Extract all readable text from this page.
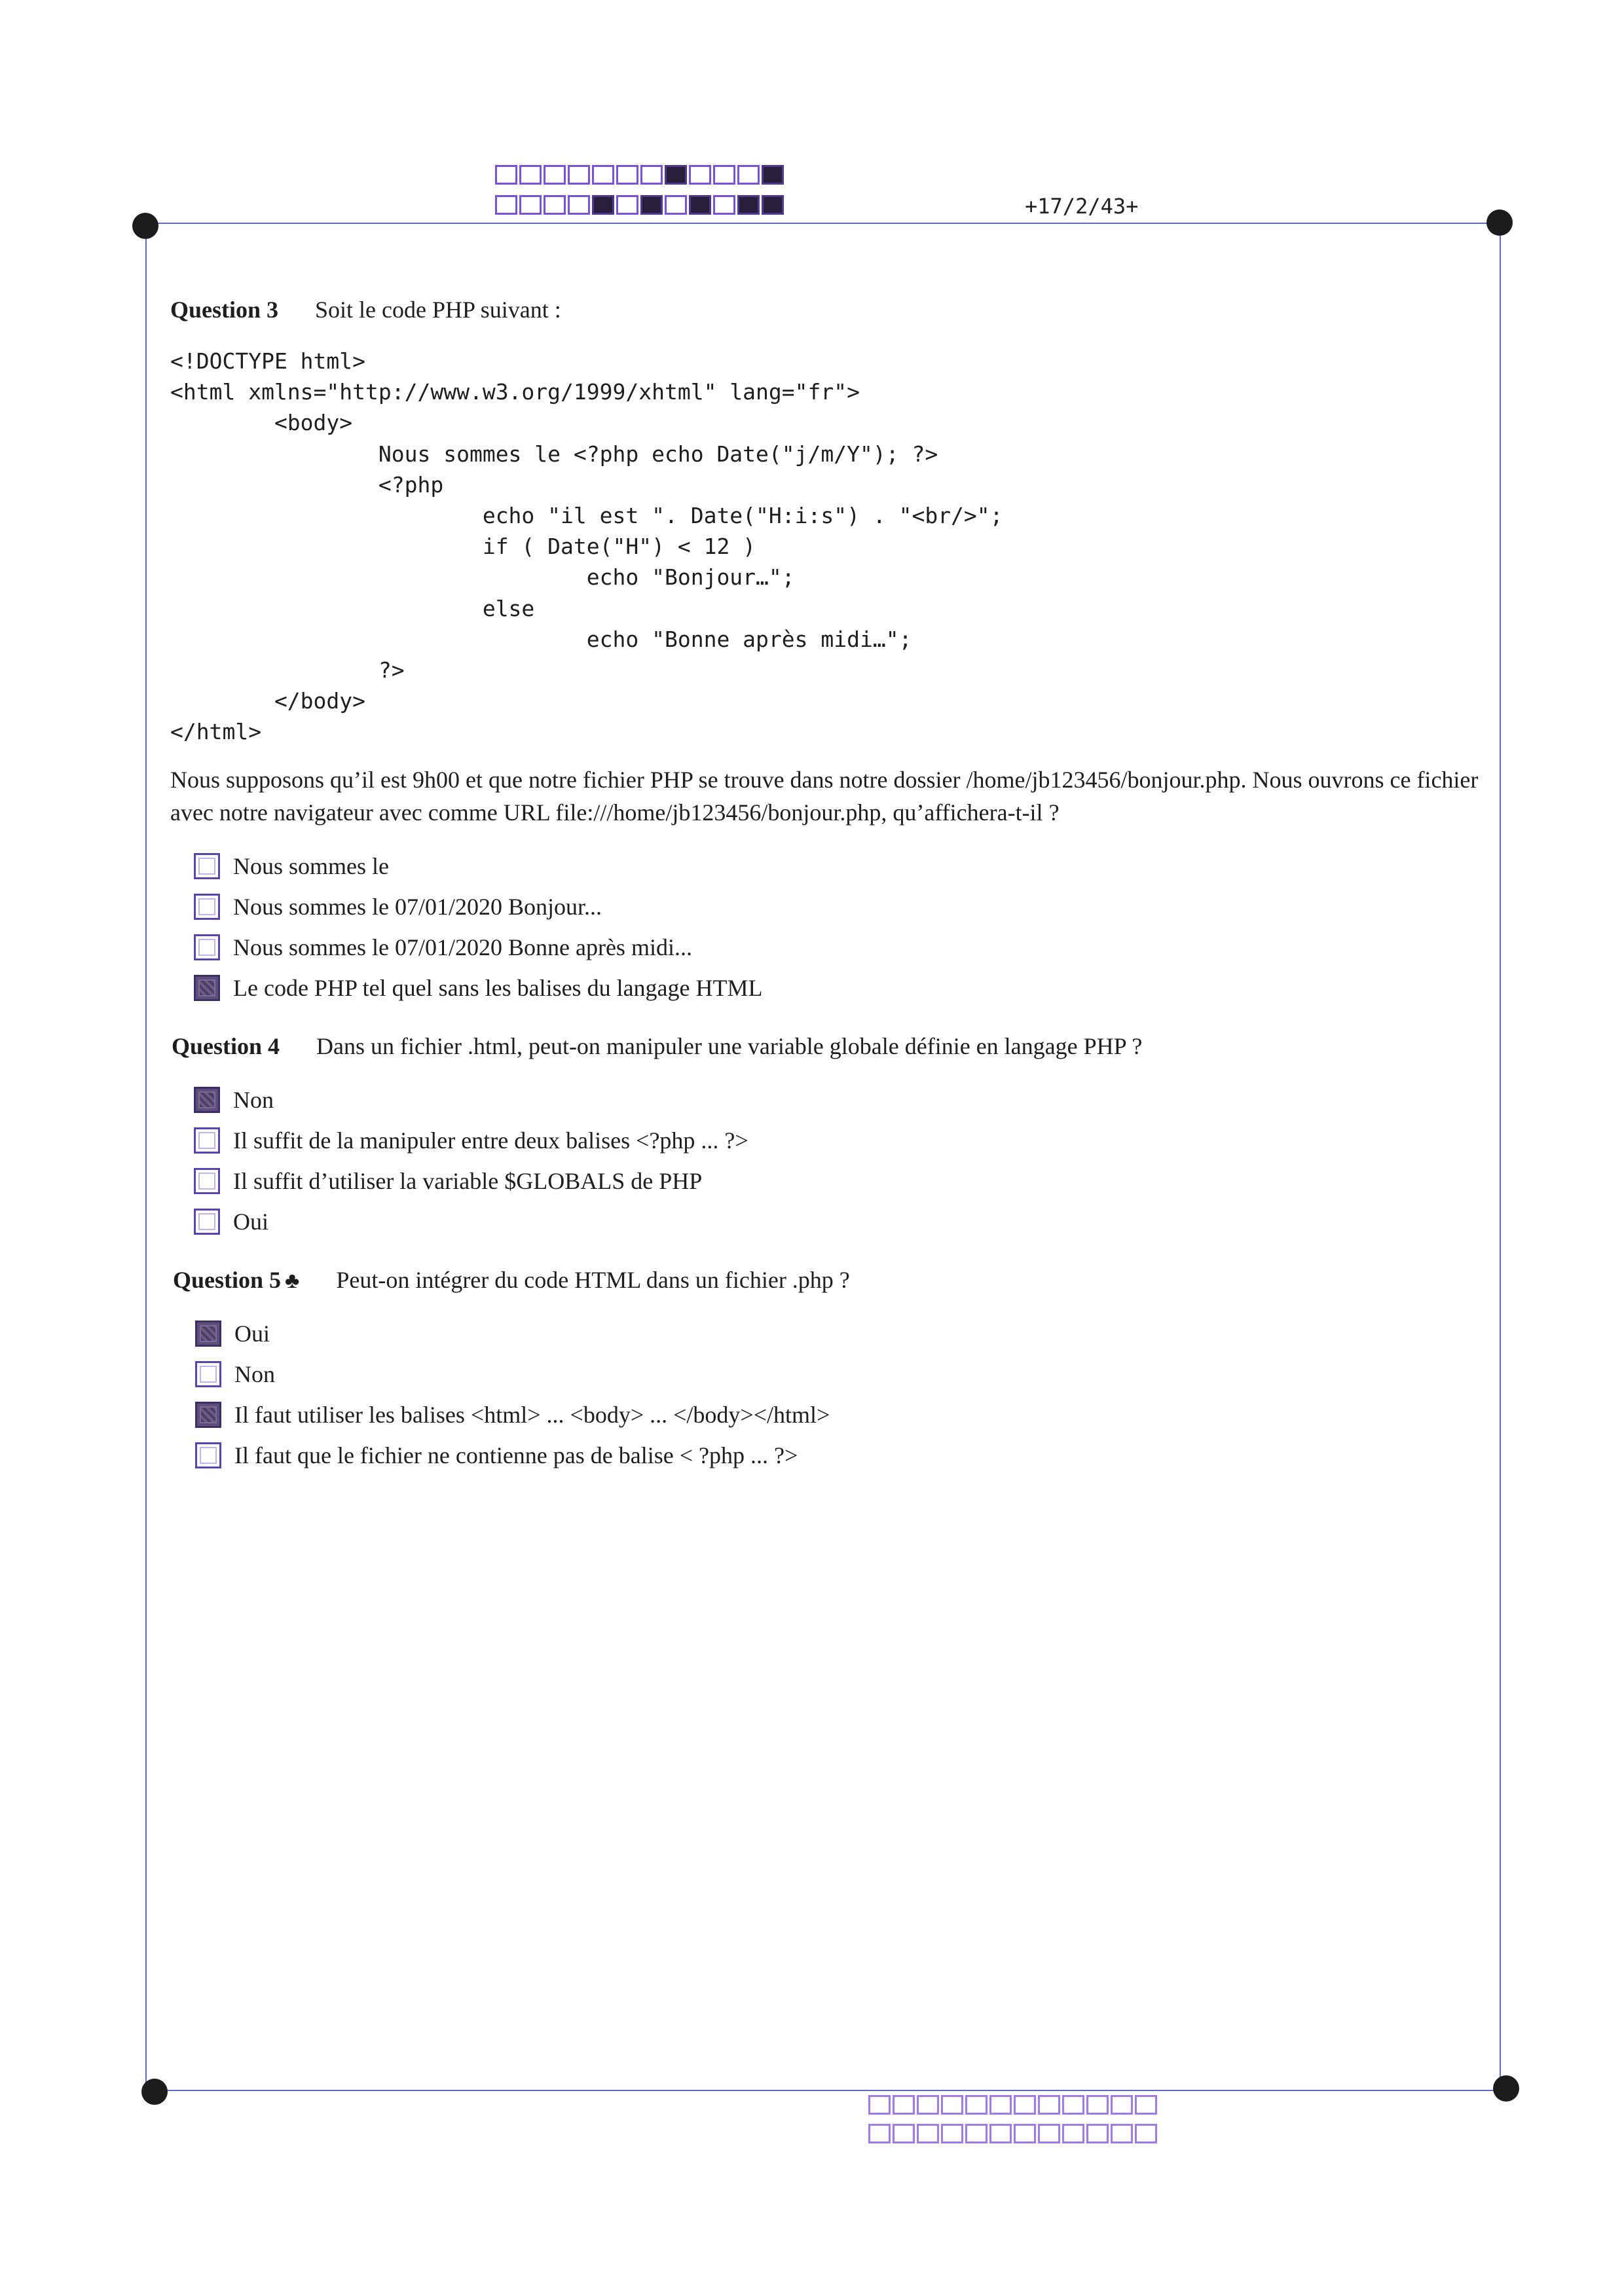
+17/2/43+
Question 3 Soit le code PHP suivant :
<!DOCTYPE html>
<html xmlns="http://www.w3.org/1999/xhtml" lang="fr">
<body>
Nous sommes le <?php echo Date("j/m/Y"); ?>
<?php
echo "il est ". Date("H:i:s") . "<br/>";
if ( Date("H") < 12 )
echo "Bonjour…";
else
echo "Bonne après midi…";
?>
</body>
</html>
Nous supposons qu’il est 9h00 et que notre fichier PHP se trouve dans notre dossier /home/jb123456/bonjour.php. Nous ouvrons ce fichier avec notre navigateur avec comme URL file:///home/jb123456/bonjour.php, qu’affichera-t-il ?
Nous sommes le
Nous sommes le 07/01/2020 Bonjour...
Nous sommes le 07/01/2020 Bonne après midi...
Le code PHP tel quel sans les balises du langage HTML
Question 4 Dans un fichier .html, peut-on manipuler une variable globale définie en langage PHP ?
Non
Il suffit de la manipuler entre deux balises <?php ... ?>
Il suffit d’utiliser la variable $GLOBALS de PHP
Oui
Question 5 ♣ Peut-on intégrer du code HTML dans un fichier .php ?
Oui
Non
Il faut utiliser les balises <html> ... <body> ... </body></html>
Il faut que le fichier ne contienne pas de balise < ?php ... ?>
